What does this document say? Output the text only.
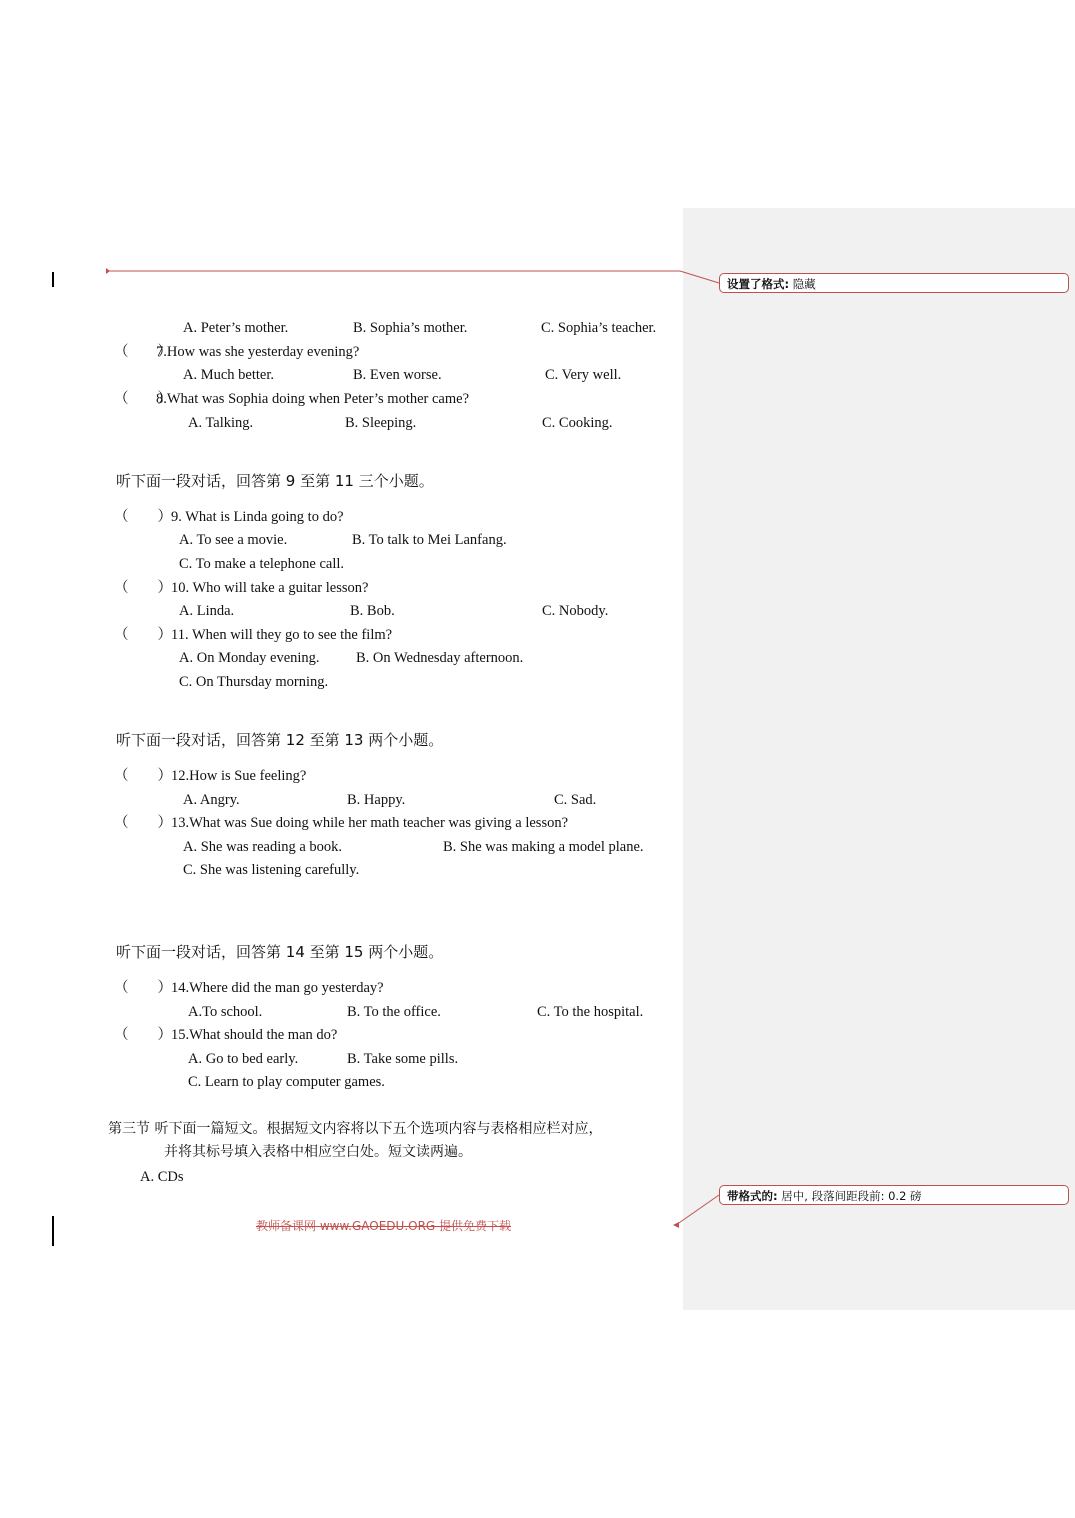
设置了格式: 隐藏
带格式的: 居中, 段落间距段前: 0.2 磅
A. Peter’s mother.	B. Sophia’s mother.	C. Sophia’s teacher.
（　　）
7.How was she yesterday evening?
A. Much better.	B. Even worse.	C. Very well.
（　　）
8.What was Sophia doing when Peter’s mother came?
A. Talking.	B. Sleeping.	C. Cooking.
听下面一段对话，回答第 9 至第 11 三个小题。
（　　） 9. What is Linda going to do?
A. To see a movie.	B. To talk to Mei Lanfang.
C. To make a telephone call.
（　　） 10. Who will take a guitar lesson?
A. Linda.	B. Bob.	C. Nobody.
（　　） 11. When will they go to see the film?
A. On Monday evening.	B. On Wednesday afternoon.
C. On Thursday morning.
听下面一段对话，回答第 12 至第 13 两个小题。
（　　） 12.How is Sue feeling?
A. Angry.	B. Happy.	C. Sad.
（　　） 13.What was Sue doing while her math teacher was giving a lesson?
A. She was reading a book.	B. She was making a model plane.
C. She was listening carefully.
听下面一段对话，回答第 14 至第 15 两个小题。
（　　） 14.Where did the man go yesterday?
A.To school.	B. To the office.	C. To the hospital.
（　　） 15.What should the man do?
A. Go to bed early.	B. Take some pills.
C. Learn to play computer games.
第三节 听下面一篇短文。根据短文内容将以下五个选项内容与表格相应栏对应，
并将其标号填入表格中相应空白处。短文读两遍。
A. CDs
教师备课网 www.GAOEDU.ORG 提供免费下载
